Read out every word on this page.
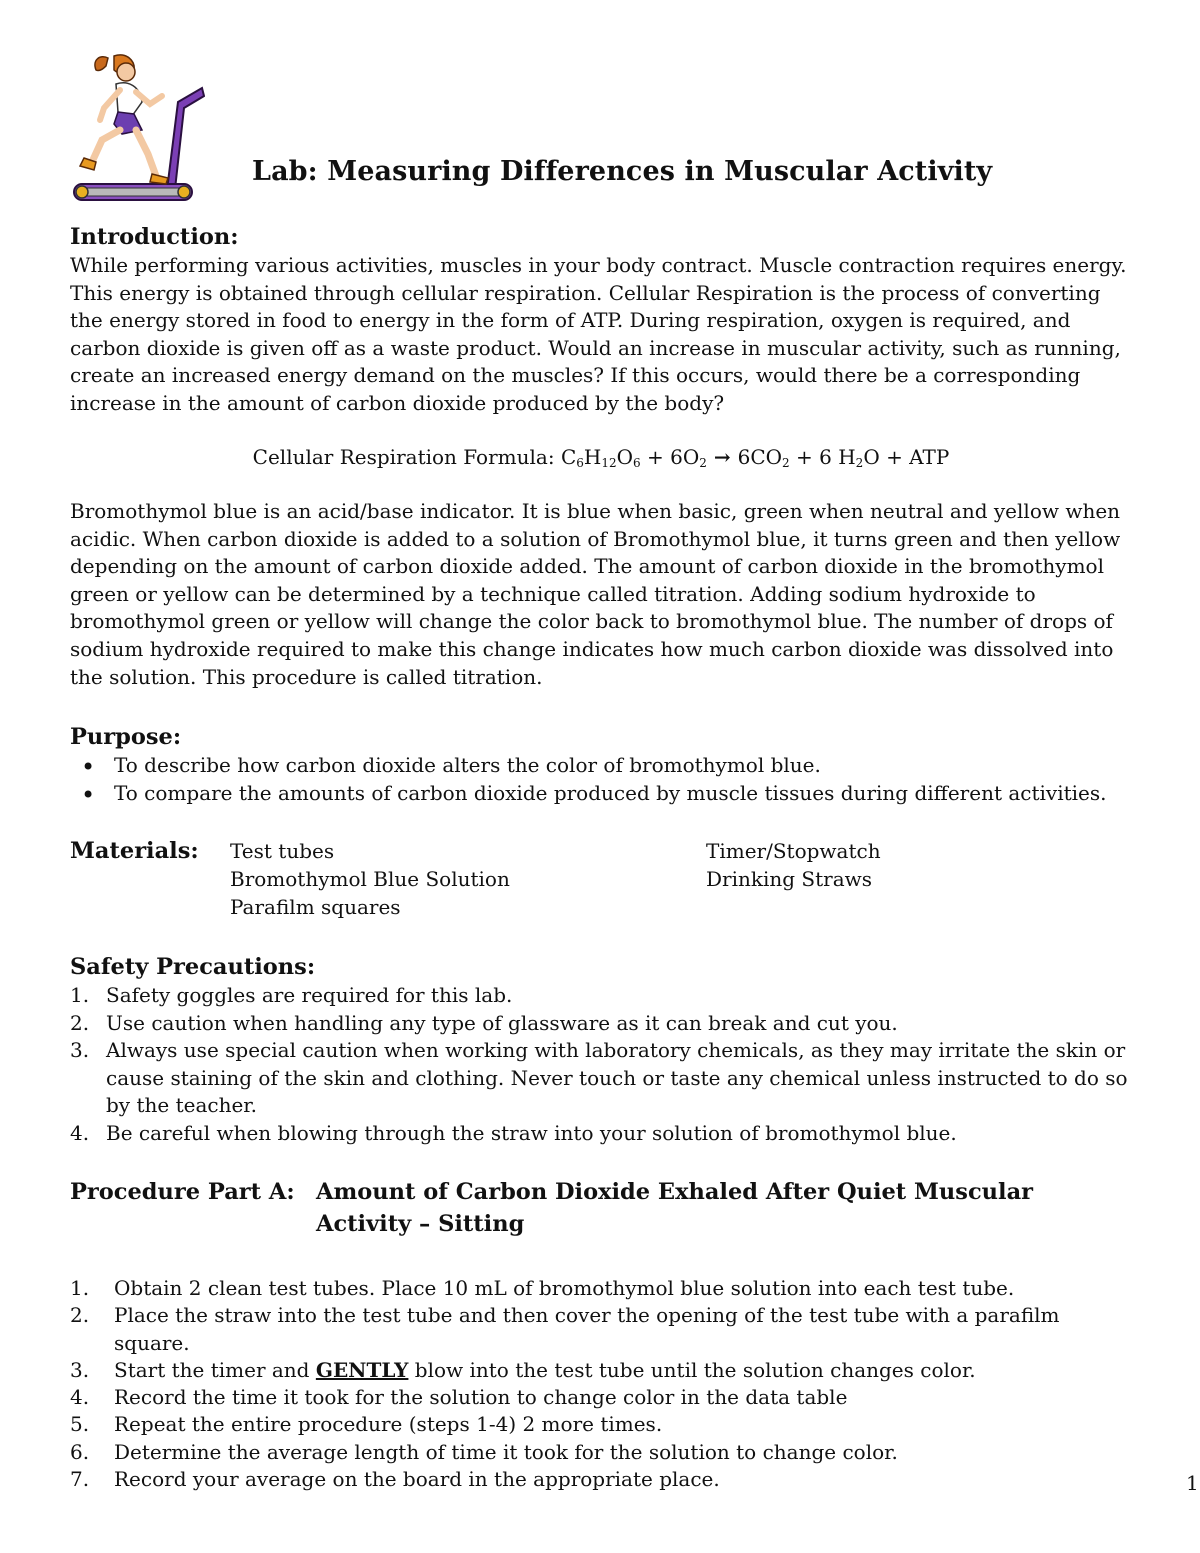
Lab: Measuring Differences in Muscular Activity
Introduction:

While performing various activities, muscles in your body contract. Muscle contraction requires energy. This energy is obtained through cellular respiration. Cellular Respiration is the process of converting the energy stored in food to energy in the form of ATP. During respiration, oxygen is required, and carbon dioxide is given off as a waste product. Would an increase in muscular activity, such as running, create an increased energy demand on the muscles? If this occurs, would there be a corresponding increase in the amount of carbon dioxide produced by the body?

Cellular Respiration Formula: $C_6H_{12}O_6 + 6O_2 \to 6CO_2 + 6$ $H_2O$ + ATP

Bromothymol blue is an acid/base indicator. It is blue when basic, green when neutral and yellow when acidic. When carbon dioxide is added to a solution of Bromothymol blue, it turns green and then yellow depending on the amount of carbon dioxide added. The amount of carbon dioxide in the bromothymol green or yellow can be determined by a technique called titration. Adding sodium hydroxide to bromothymol green or yellow will change the color back to bromothymol blue. The number of drops of sodium hydroxide required to make this change indicates how much carbon dioxide was dissolved into the solution. This procedure is called titration.

Purpose:
• To describe how carbon dioxide alters the color of bromothymol blue.
• To compare the amounts of carbon dioxide produced by muscle tissues during different activities.
Materials: Test tubes
Bromothymol Blue Solution
Parafilm squares
Timer/Stopwatch
Drinking Straws
Safety Precautions:
1. Safety goggles are required for this lab.
2. Use caution when handling any type of glassware as it can break and cut you.
3. Always use special caution when working with laboratory chemicals, as they may irritate the skin or cause staining of the skin and clothing. Never touch or taste any chemical unless instructed to do so by the teacher.
4. Be careful when blowing through the straw into your solution of bromothymol blue.
Procedure Part A: Amount of Carbon Dioxide Exhaled After Quiet Muscular Activity – Sitting
1. Obtain 2 clean test tubes. Place 10 mL of bromothymol blue solution into each test tube.
2. Place the straw into the test tube and then cover the opening of the test tube with a parafilm square.
3. Start the timer and GENTLY blow into the test tube until the solution changes color.
4. Record the time it took for the solution to change color in the data table
5. Repeat the entire procedure (steps 1-4) 2 more times.
6. Determine the average length of time it took for the solution to change color.
7. Record your average on the board in the appropriate place.	1
